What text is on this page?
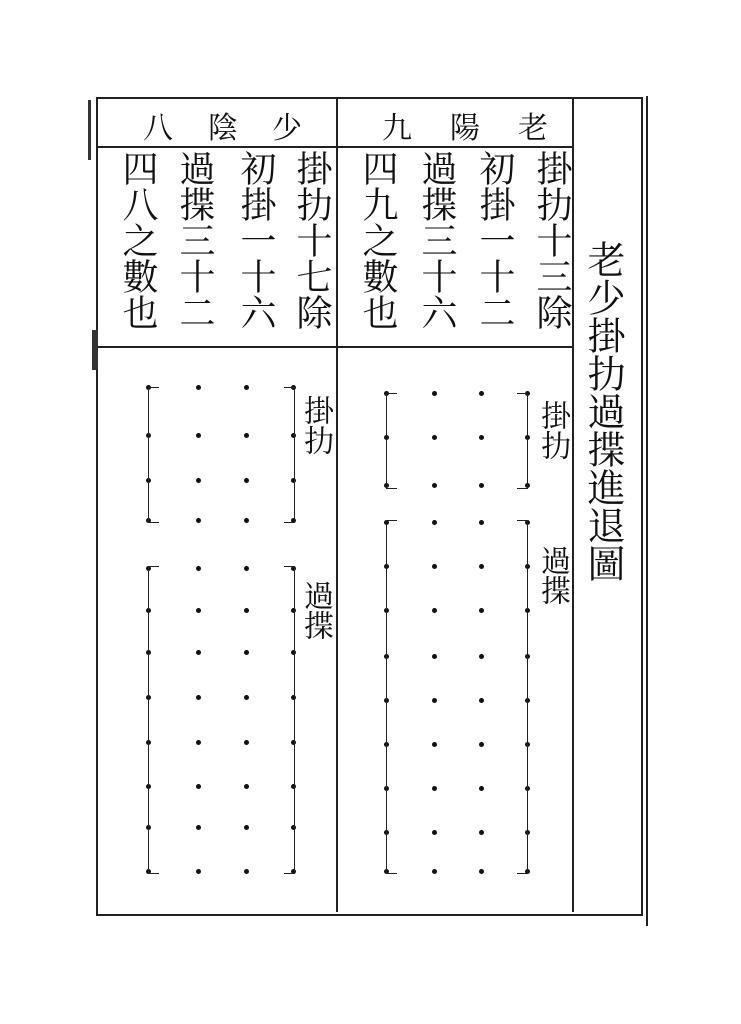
老少掛扐過揲進退圖
八 陰 少	九 陽 老
掛扐十七除
初掛一十六
過揲三十二
四八之數也	掛扐十三除
初掛一十二
過揲三十六
四九之數也
掛扐
過揲
掛扐
過揲
